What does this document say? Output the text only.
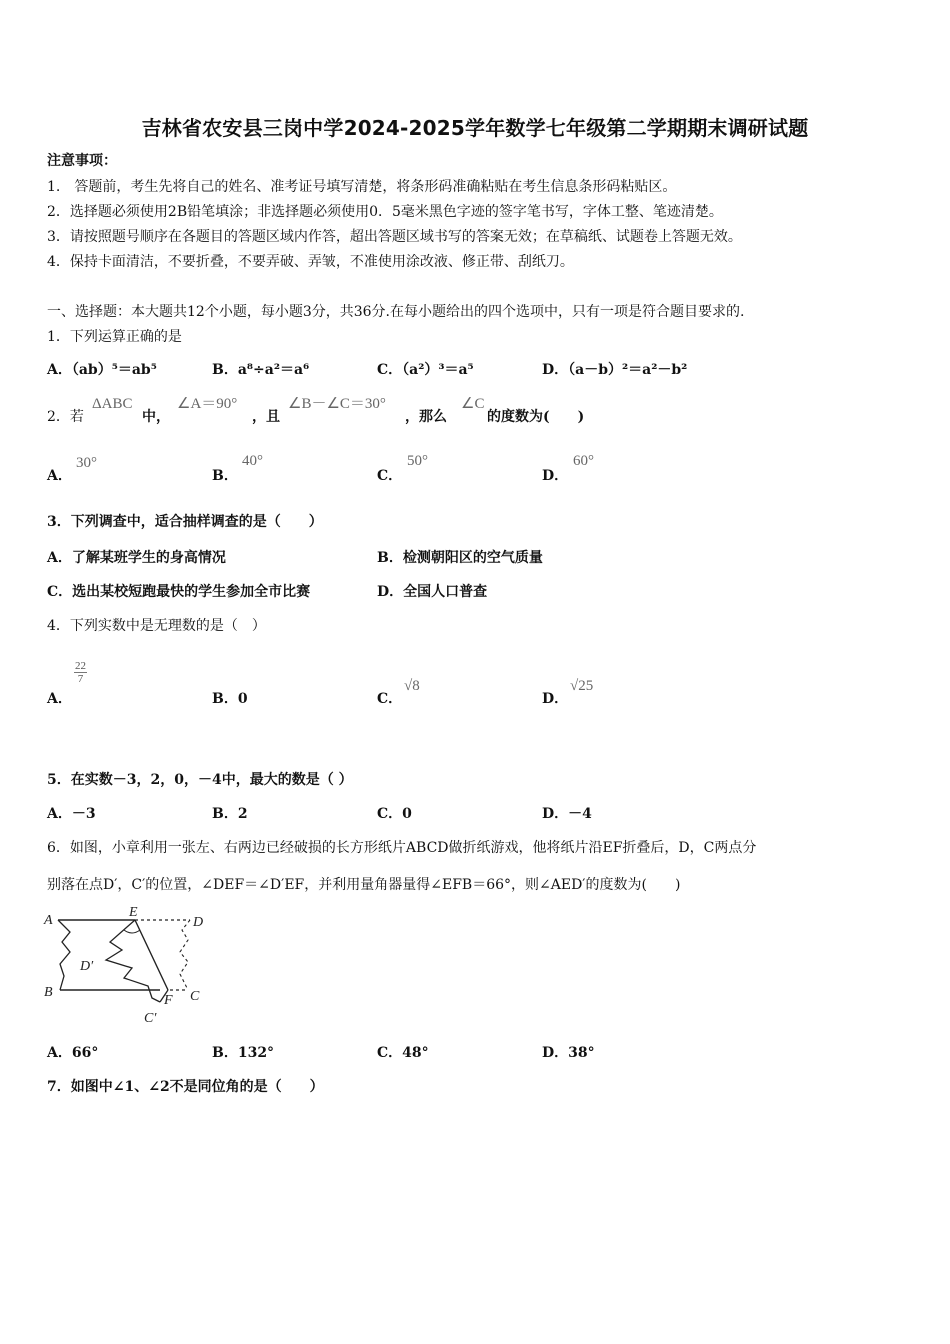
吉林省农安县三岗中学2024-2025学年数学七年级第二学期期末调研试题
注意事项：
1.　答题前，考生先将自己的姓名、准考证号填写清楚，将条形码准确粘贴在考生信息条形码粘贴区。
2．选择题必须使用2B铅笔填涂；非选择题必须使用0．5毫米黑色字迹的签字笔书写，字体工整、笔迹清楚。
3．请按照题号顺序在各题目的答题区域内作答，超出答题区域书写的答案无效；在草稿纸、试题卷上答题无效。
4．保持卡面清洁，不要折叠，不要弄破、弄皱，不准使用涂改液、修正带、刮纸刀。
一、选择题：本大题共12个小题，每小题3分，共36分.在每小题给出的四个选项中，只有一项是符合题目要求的.
1．下列运算正确的是
A．（ab）⁵＝ab⁵	B．a⁸÷a²＝a⁶	C．（a²）³＝a⁵	D．（a－b）²＝a²－b²
2．若
ΔABC
中，
∠A＝90°
，且
∠B－∠C＝30°
，那么
∠C
的度数为(　　)
A．
30°
B．
40°
C．
50°
D．
60°
3．下列调查中，适合抽样调查的是（　　）
A．了解某班学生的身高情况	B．检测朝阳区的空气质量
C．选出某校短跑最快的学生参加全市比赛	D．全国人口普查
4．下列实数中是无理数的是（　）
A．
$\frac{22}{7}$
B．0	C．
√8
D．
√25
5．在实数－3，2，0，－4中，最大的数是（ ）
A．－3	B．2	C．0	D．－4
6．如图，小章利用一张左、右两边已经破损的长方形纸片ABCD做折纸游戏，他将纸片沿EF折叠后，D，C两点分
别落在点D′，C′的位置，∠DEF＝∠D′EF，并利用量角器量得∠EFB＝66°，则∠AED′的度数为(　　)
A
E
D
D′
B
F C
C′
A．66°	B．132°	C．48°	D．38°
7．如图中∠1、∠2不是同位角的是（　　）
